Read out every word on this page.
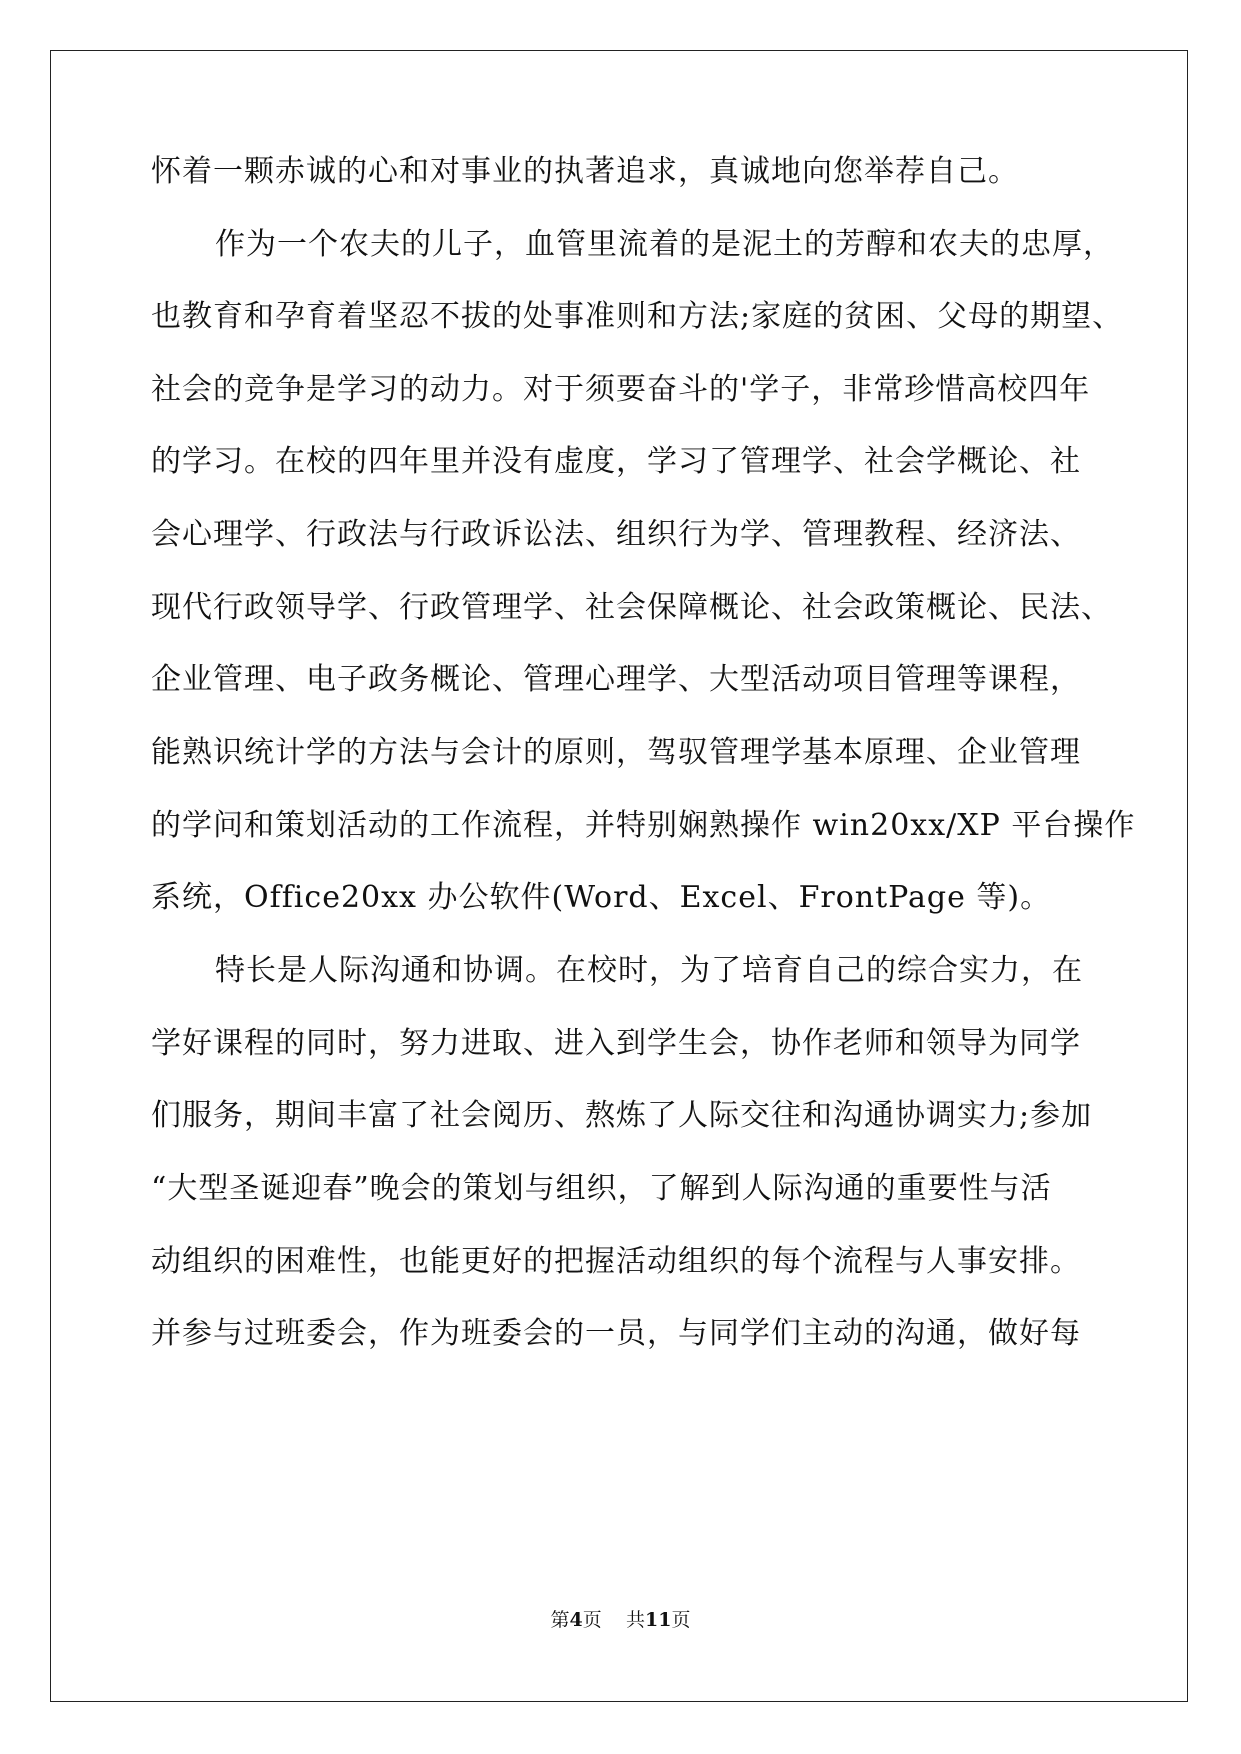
怀着一颗赤诚的心和对事业的执著追求，真诚地向您举荐自己。
作为一个农夫的儿子，血管里流着的是泥土的芳醇和农夫的忠厚，
也教育和孕育着坚忍不拔的处事准则和方法;家庭的贫困、父母的期望、
社会的竞争是学习的动力。对于须要奋斗的'学子，非常珍惜高校四年
的学习。在校的四年里并没有虚度，学习了管理学、社会学概论、社
会心理学、行政法与行政诉讼法、组织行为学、管理教程、经济法、
现代行政领导学、行政管理学、社会保障概论、社会政策概论、民法、
企业管理、电子政务概论、管理心理学、大型活动项目管理等课程，
能熟识统计学的方法与会计的原则，驾驭管理学基本原理、企业管理
的学问和策划活动的工作流程，并特别娴熟操作 win20xx/XP 平台操作
系统，Office20xx 办公软件(Word、Excel、FrontPage 等)。
特长是人际沟通和协调。在校时，为了培育自己的综合实力，在
学好课程的同时，努力进取、进入到学生会，协作老师和领导为同学
们服务，期间丰富了社会阅历、熬炼了人际交往和沟通协调实力;参加
“大型圣诞迎春”晚会的策划与组织，了解到人际沟通的重要性与活
动组织的困难性，也能更好的把握活动组织的每个流程与人事安排。
并参与过班委会，作为班委会的一员，与同学们主动的沟通，做好每
第4页 共11页
